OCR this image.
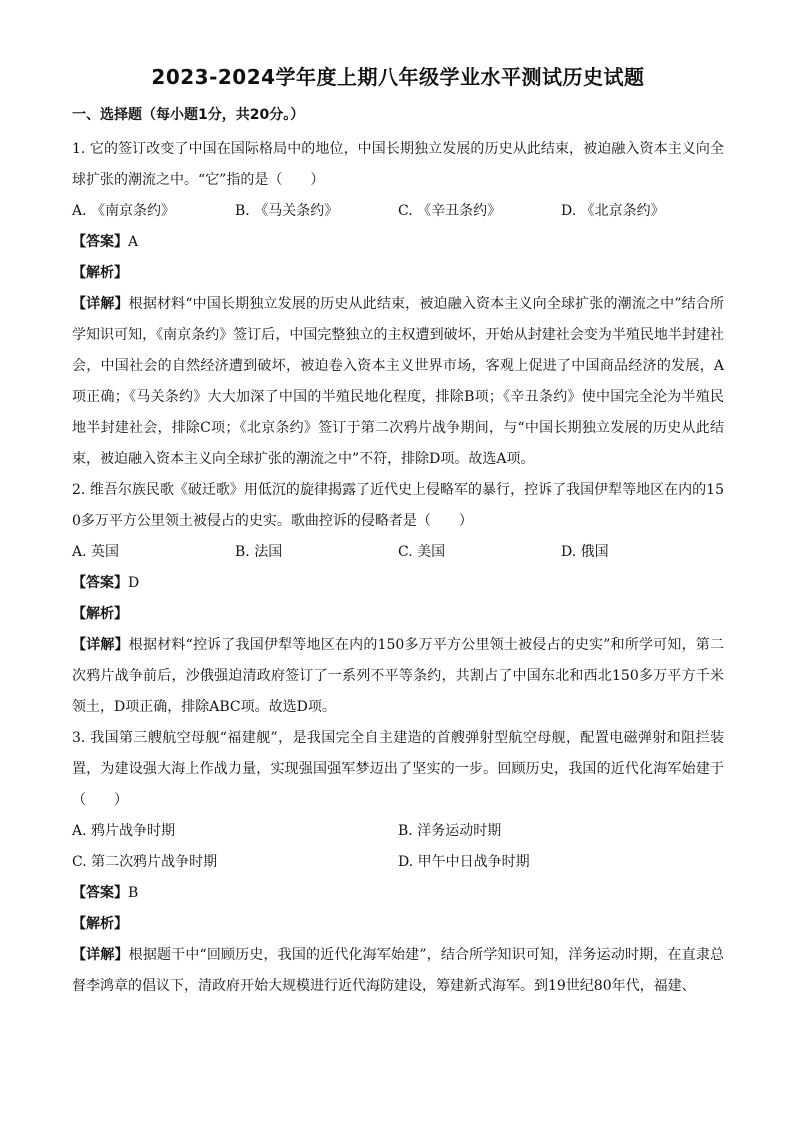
2023-2024学年度上期八年级学业水平测试历史试题
一、选择题（每小题1分，共20分。）

1. 它的签订改变了中国在国际格局中的地位，中国长期独立发展的历史从此结束，被迫融入资本主义向全球扩张的潮流之中。“它”指的是（　　）

A. 《南京条约》	B. 《马关条约》	C. 《辛丑条约》	D. 《北京条约》

【答案】A

【解析】

【详解】根据材料“中国长期独立发展的历史从此结束，被迫融入资本主义向全球扩张的潮流之中”结合所学知识可知，《南京条约》签订后，中国完整独立的主权遭到破坏，开始从封建社会变为半殖民地半封建社会，中国社会的自然经济遭到破坏，被迫卷入资本主义世界市场，客观上促进了中国商品经济的发展，A项正确；《马关条约》大大加深了中国的半殖民地化程度，排除B项；《辛丑条约》使中国完全沦为半殖民地半封建社会，排除C项；《北京条约》签订于第二次鸦片战争期间，与“中国长期独立发展的历史从此结束，被迫融入资本主义向全球扩张的潮流之中”不符，排除D项。故选A项。

2. 维吾尔族民歌《破迁歌》用低沉的旋律揭露了近代史上侵略军的暴行，控诉了我国伊犁等地区在内的150多万平方公里领土被侵占的史实。歌曲控诉的侵略者是（　　）

A. 英国	B. 法国	C. 美国	D. 俄国

【答案】D

【解析】

【详解】根据材料“控诉了我国伊犁等地区在内的150多万平方公里领土被侵占的史实”和所学可知，第二次鸦片战争前后，沙俄强迫清政府签订了一系列不平等条约，共割占了中国东北和西北150多万平方千米领土，D项正确，排除ABC项。故选D项。

3. 我国第三艘航空母舰“福建舰”，是我国完全自主建造的首艘弹射型航空母舰，配置电磁弹射和阻拦装置，为建设强大海上作战力量，实现强国强军梦迈出了坚实的一步。回顾历史，我国的近代化海军始建于（　　）

A. 鸦片战争时期	B. 洋务运动时期
C. 第二次鸦片战争时期	D. 甲午中日战争时期

【答案】B

【解析】

【详解】根据题干中“回顾历史，我国的近代化海军始建”，结合所学知识可知，洋务运动时期，在直隶总督李鸿章的倡议下，清政府开始大规模进行近代海防建设，筹建新式海军。到19世纪80年代，福建、
